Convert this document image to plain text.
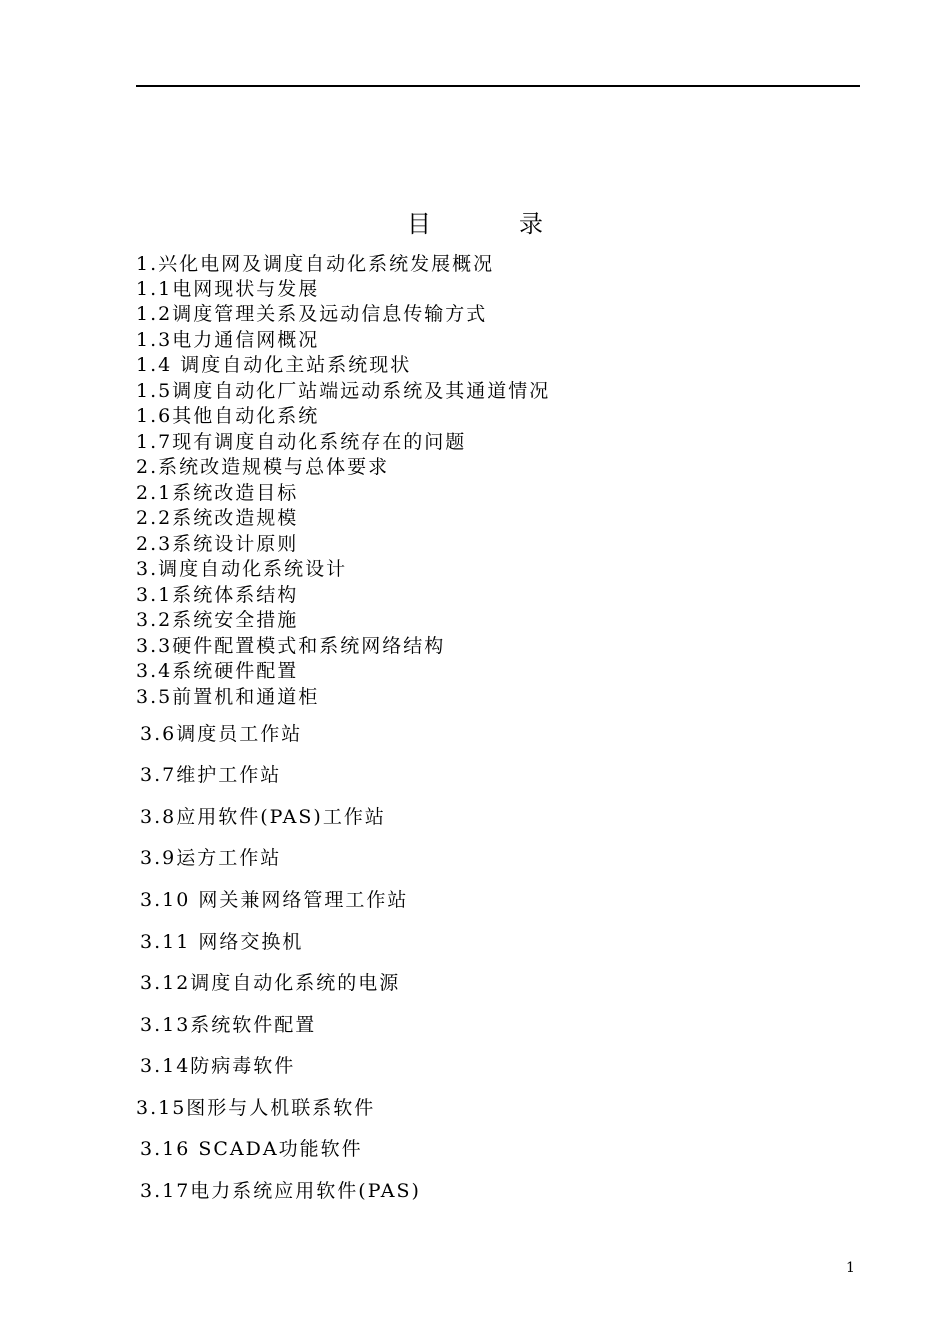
目	录
1.兴化电网及调度自动化系统发展概况
1.1电网现状与发展
1.2调度管理关系及远动信息传输方式
1.3电力通信网概况
1.4 调度自动化主站系统现状
1.5调度自动化厂站端远动系统及其通道情况
1.6其他自动化系统
1.7现有调度自动化系统存在的问题
2.系统改造规模与总体要求
2.1系统改造目标
2.2系统改造规模
2.3系统设计原则
3.调度自动化系统设计
3.1系统体系结构
3.2系统安全措施
3.3硬件配置模式和系统网络结构
3.4系统硬件配置
3.5前置机和通道柜
3.6调度员工作站
3.7维护工作站
3.8应用软件(PAS)工作站
3.9运方工作站
3.10 网关兼网络管理工作站
3.11 网络交换机
3.12调度自动化系统的电源
3.13系统软件配置
3.14防病毒软件
3.15图形与人机联系软件
3.16 SCADA功能软件
3.17电力系统应用软件(PAS)
1
